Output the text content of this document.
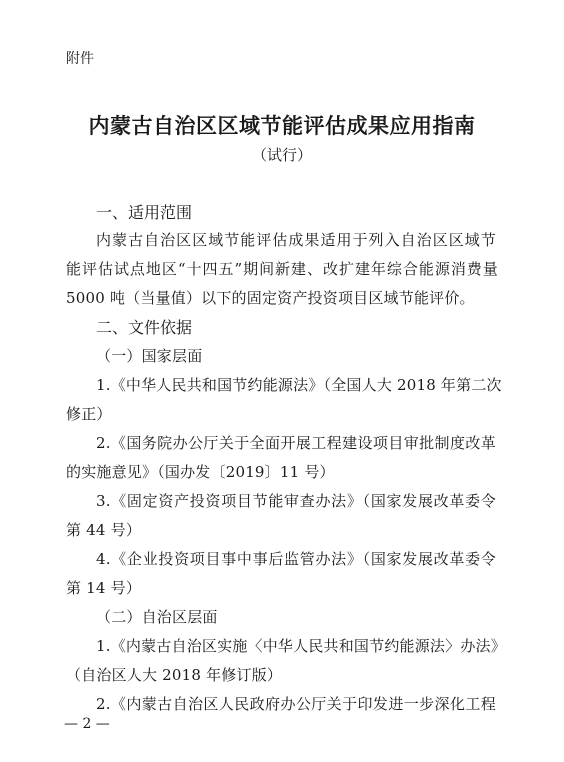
附件
内蒙古自治区区域节能评估成果应用指南
（试行）
一、适用范围
内蒙古自治区区域节能评估成果适用于列入自治区区域节
能评估试点地区“十四五”期间新建、改扩建年综合能源消费量
5000 吨（当量值）以下的固定资产投资项目区域节能评价。
二、文件依据
（一）国家层面
1.《中华人民共和国节约能源法》（全国人大 2018 年第二次
修正）
2.《国务院办公厅关于全面开展工程建设项目审批制度改革
的实施意见》（国办发〔2019〕11 号）
3.《固定资产投资项目节能审查办法》（国家发展改革委令
第 44 号）
4.《企业投资项目事中事后监管办法》（国家发展改革委令
第 14 号）
（二）自治区层面
1.《内蒙古自治区实施〈中华人民共和国节约能源法〉办法》
（自治区人大 2018 年修订版）
2.《内蒙古自治区人民政府办公厅关于印发进一步深化工程
— 2 —
